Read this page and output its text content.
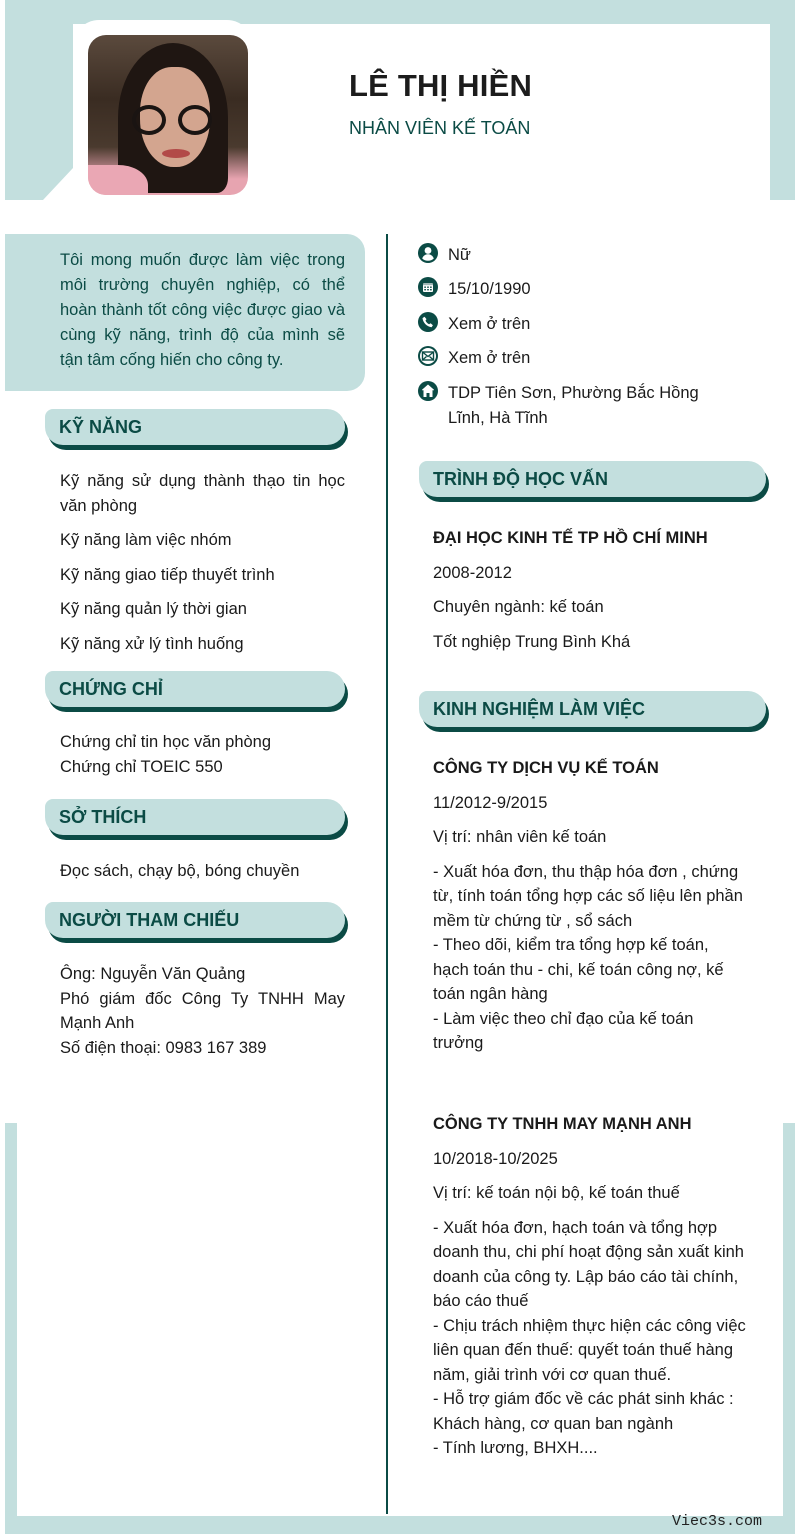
LÊ THỊ HIỀN
NHÂN VIÊN KẾ TOÁN
Viec3s.com

Tôi mong muốn được làm việc trong môi trường chuyên nghiệp, có thể hoàn thành tốt công việc được giao và cùng kỹ năng, trình độ của mình sẽ tận tâm cống hiến cho công ty.

Nữ
15/10/1990
Xem ở trên
Xem ở trên
TDP Tiên Sơn, Phường Bắc Hồng Lĩnh, Hà Tĩnh
KỸ NĂNG
Kỹ năng sử dụng thành thạo tin học văn phòng
Kỹ năng làm việc nhóm
Kỹ năng giao tiếp thuyết trình
Kỹ năng quản lý thời gian
Kỹ năng xử lý tình huống
CHỨNG CHỈ
Chứng chỉ tin học văn phòng
Chứng chỉ TOEIC 550
SỞ THÍCH
Đọc sách, chạy bộ, bóng chuyền
NGƯỜI THAM CHIẾU
Ông: Nguyễn Văn Quảng
Phó giám đốc Công Ty TNHH May Mạnh Anh
Số điện thoại: 0983 167 389
TRÌNH ĐỘ HỌC VẤN
ĐẠI HỌC KINH TẾ TP HỒ CHÍ MINH
2008-2012
Chuyên ngành: kế toán
Tốt nghiệp Trung Bình Khá
KINH NGHIỆM LÀM VIỆC
CÔNG TY DỊCH VỤ KẾ TOÁN
11/2012-9/2015
Vị trí: nhân viên kế toán
- Xuất hóa đơn, thu thập hóa đơn , chứng từ, tính toán tổng hợp các số liệu lên phần mềm từ chứng từ , sổ sách
- Theo dõi, kiểm tra tổng hợp kế toán, hạch toán thu - chi, kế toán công nợ, kế toán ngân hàng
- Làm việc theo chỉ đạo của kế toán trưởng
CÔNG TY TNHH MAY MẠNH ANH
10/2018-10/2025
Vị trí: kế toán nội bộ, kế toán thuế
- Xuất hóa đơn, hạch toán và tổng hợp doanh thu, chi phí hoạt động sản xuất kinh doanh của công ty. Lập báo cáo tài chính, báo cáo thuế
- Chịu trách nhiệm thực hiện các công việc liên quan đến thuế: quyết toán thuế hàng năm, giải trình với cơ quan thuế.
- Hỗ trợ giám đốc về các phát sinh khác : Khách hàng, cơ quan ban ngành
- Tính lương, BHXH....
